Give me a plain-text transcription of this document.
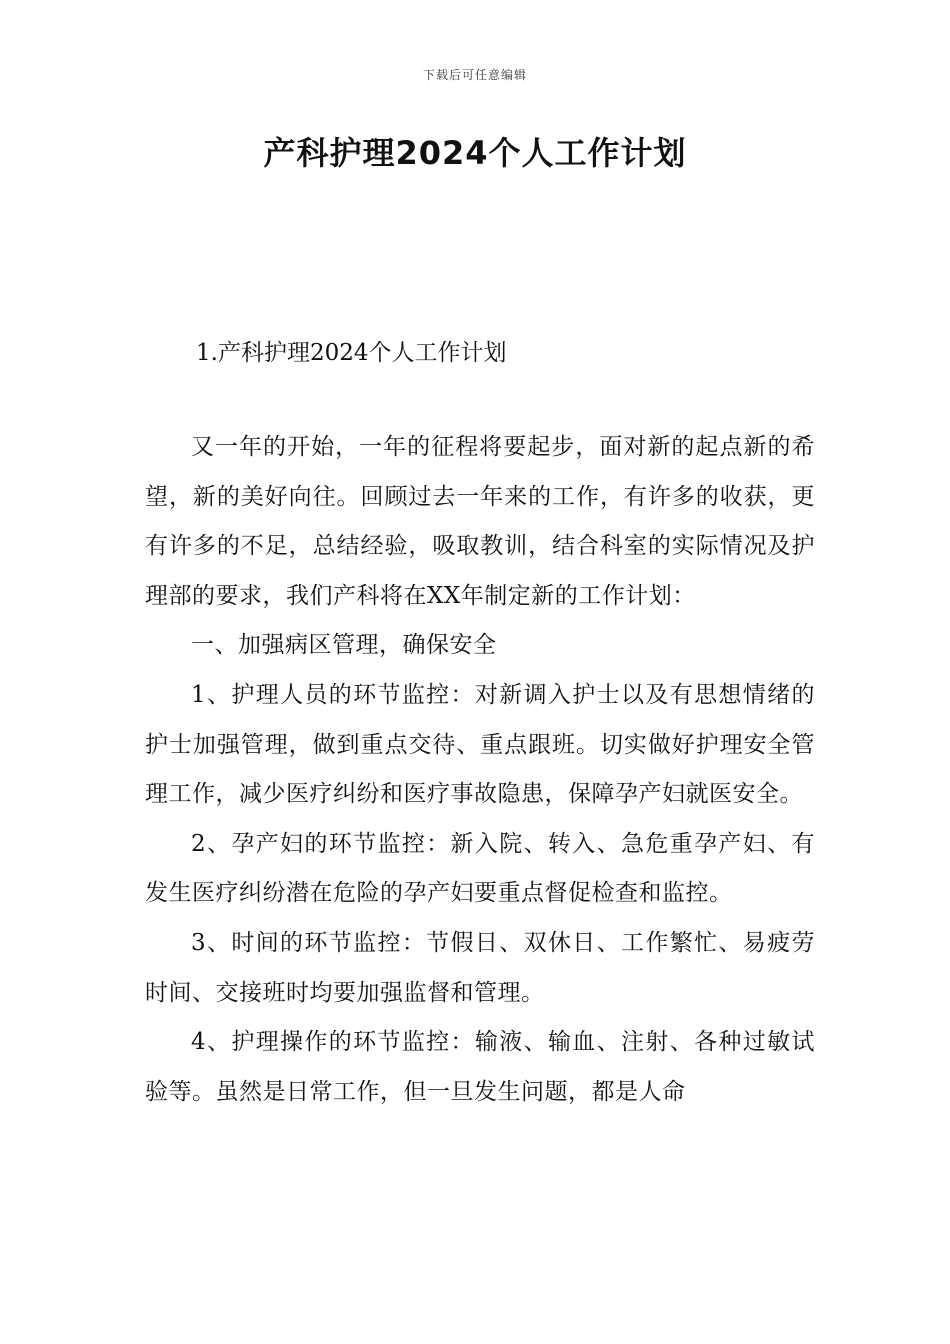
下载后可任意编辑
产科护理2024个人工作计划
1.产科护理2024个人工作计划

又一年的开始，一年的征程将要起步，面对新的起点新的希望，新的美好向往。回顾过去一年来的工作，有许多的收获，更有许多的不足，总结经验，吸取教训，结合科室的实际情况及护理部的要求，我们产科将在XX年制定新的工作计划：

一、加强病区管理，确保安全

1、护理人员的环节监控：对新调入护士以及有思想情绪的护士加强管理，做到重点交待、重点跟班。切实做好护理安全管理工作，减少医疗纠纷和医疗事故隐患，保障孕产妇就医安全。

2、孕产妇的环节监控：新入院、转入、急危重孕产妇、有发生医疗纠纷潜在危险的孕产妇要重点督促检查和监控。

3、时间的环节监控：节假日、双休日、工作繁忙、易疲劳时间、交接班时均要加强监督和管理。

4、护理操作的环节监控：输液、输血、注射、各种过敏试验等。虽然是日常工作，但一旦发生问题，都是人命
